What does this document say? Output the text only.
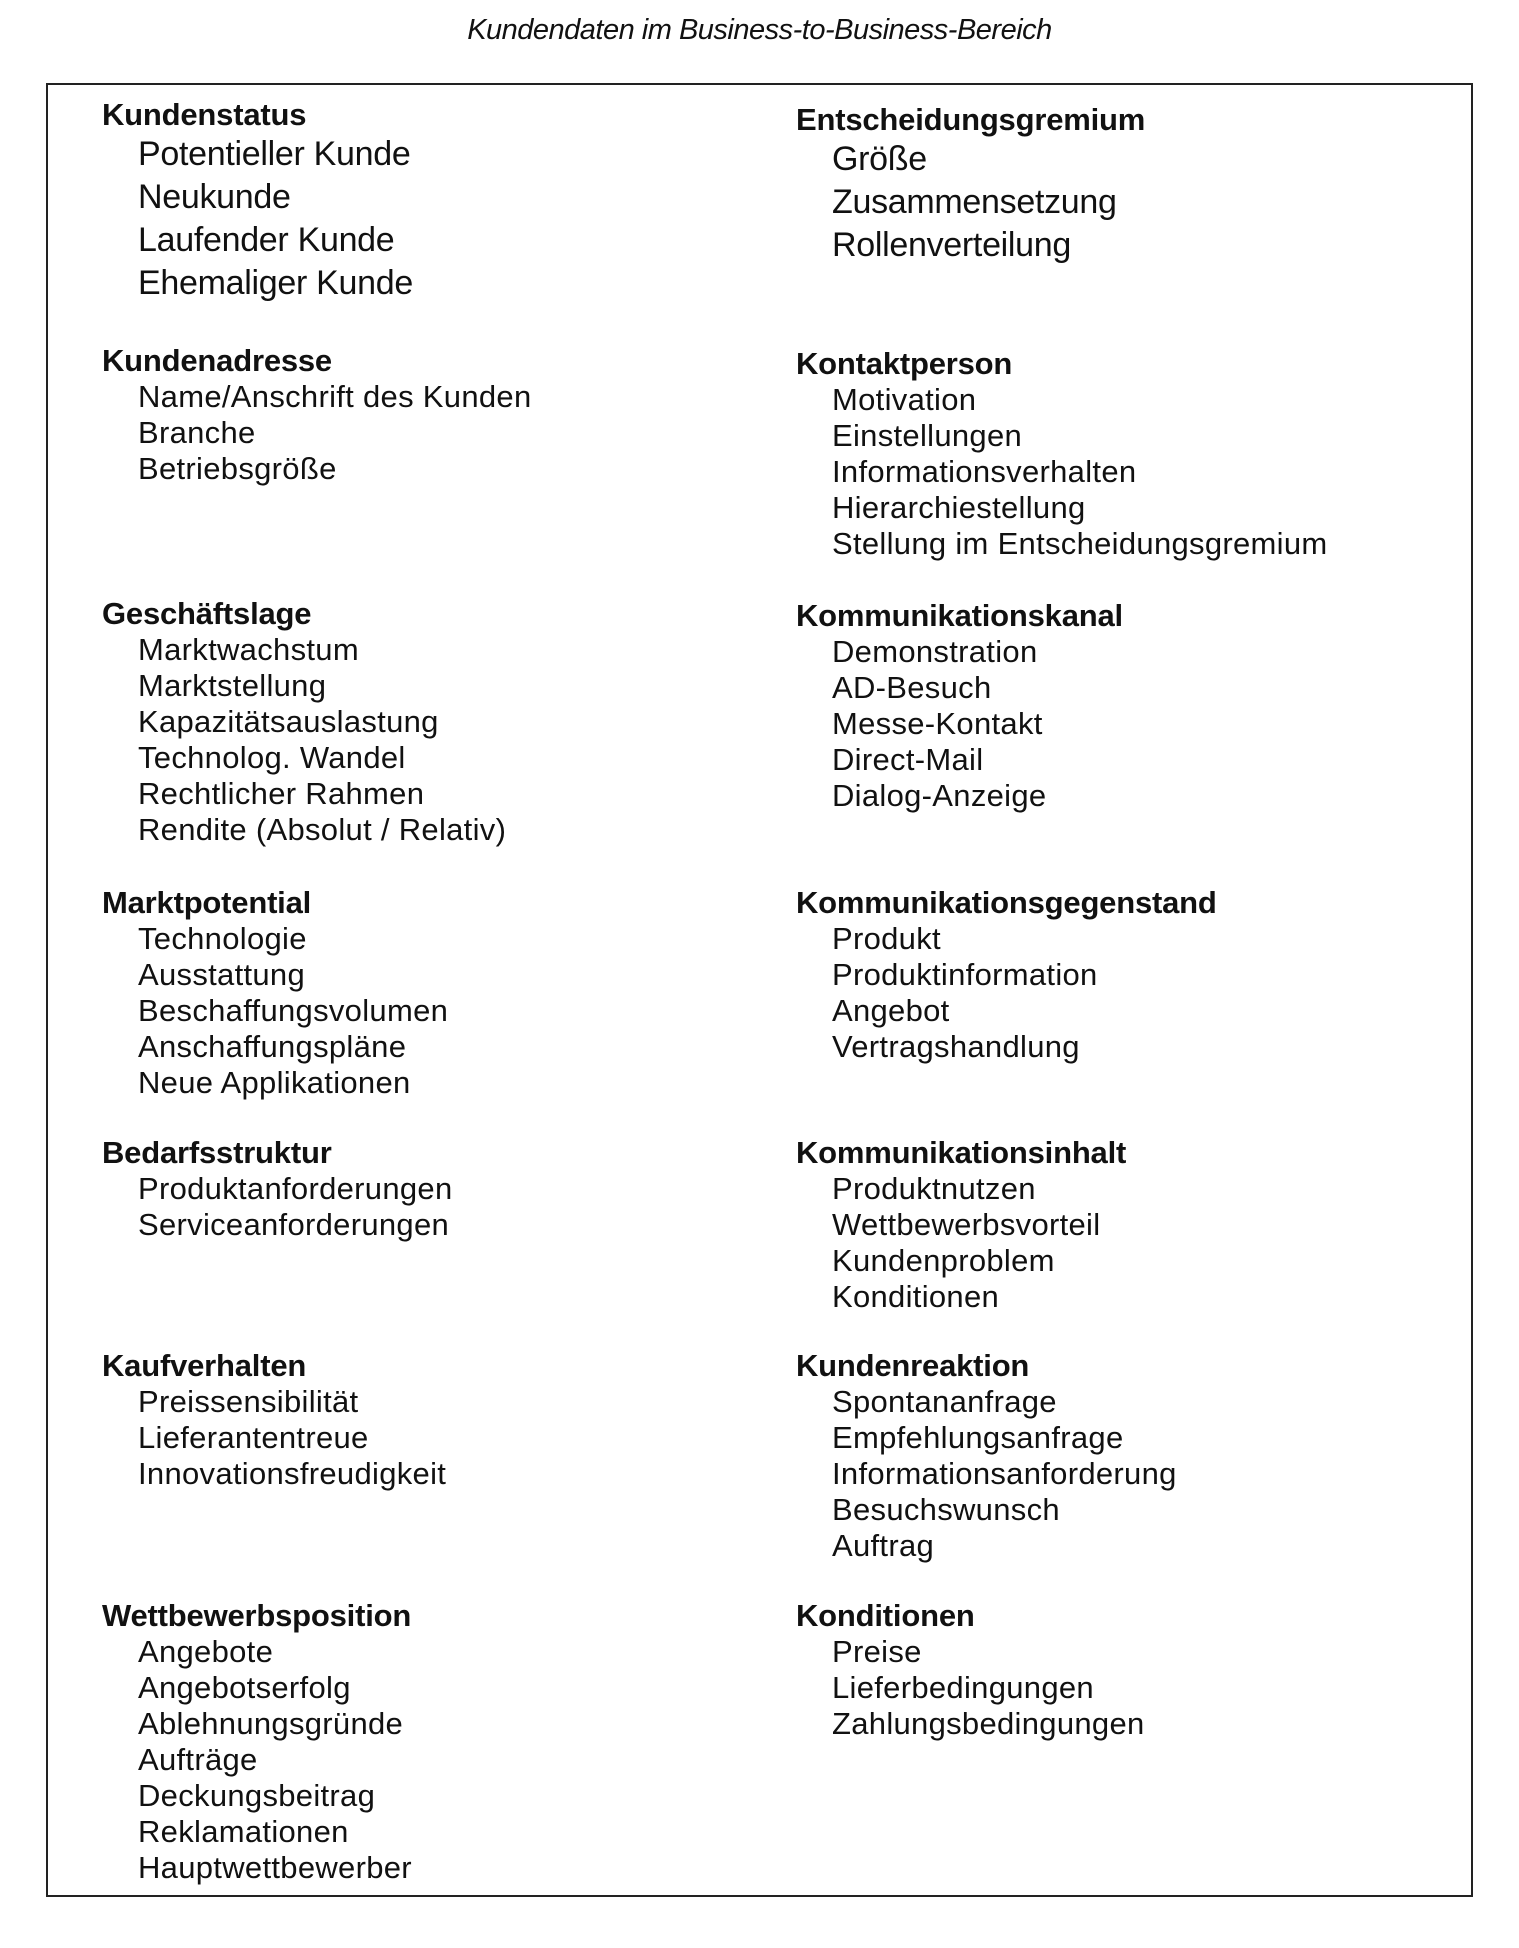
Kundendaten im Business-to-Business-Bereich
Kundenstatus
Potentieller Kunde
Neukunde
Laufender Kunde
Ehemaliger Kunde
Kundenadresse
Name/Anschrift des Kunden
Branche
Betriebsgröße
Geschäftslage
Marktwachstum
Marktstellung
Kapazitätsauslastung
Technolog. Wandel
Rechtlicher Rahmen
Rendite (Absolut / Relativ)
Marktpotential
Technologie
Ausstattung
Beschaffungsvolumen
Anschaffungspläne
Neue Applikationen
Bedarfsstruktur
Produktanforderungen
Serviceanforderungen
Kaufverhalten
Preissensibilität
Lieferantentreue
Innovationsfreudigkeit
Wettbewerbsposition
Angebote
Angebotserfolg
Ablehnungsgründe
Aufträge
Deckungsbeitrag
Reklamationen
Hauptwettbewerber
Entscheidungsgremium
Größe
Zusammensetzung
Rollenverteilung
Kontaktperson
Motivation
Einstellungen
Informationsverhalten
Hierarchiestellung
Stellung im Entscheidungsgremium
Kommunikationskanal
Demonstration
AD-Besuch
Messe-Kontakt
Direct-Mail
Dialog-Anzeige
Kommunikationsgegenstand
Produkt
Produktinformation
Angebot
Vertragshandlung
Kommunikationsinhalt
Produktnutzen
Wettbewerbsvorteil
Kundenproblem
Konditionen
Kundenreaktion
Spontananfrage
Empfehlungsanfrage
Informationsanforderung
Besuchswunsch
Auftrag
Konditionen
Preise
Lieferbedingungen
Zahlungsbedingungen
